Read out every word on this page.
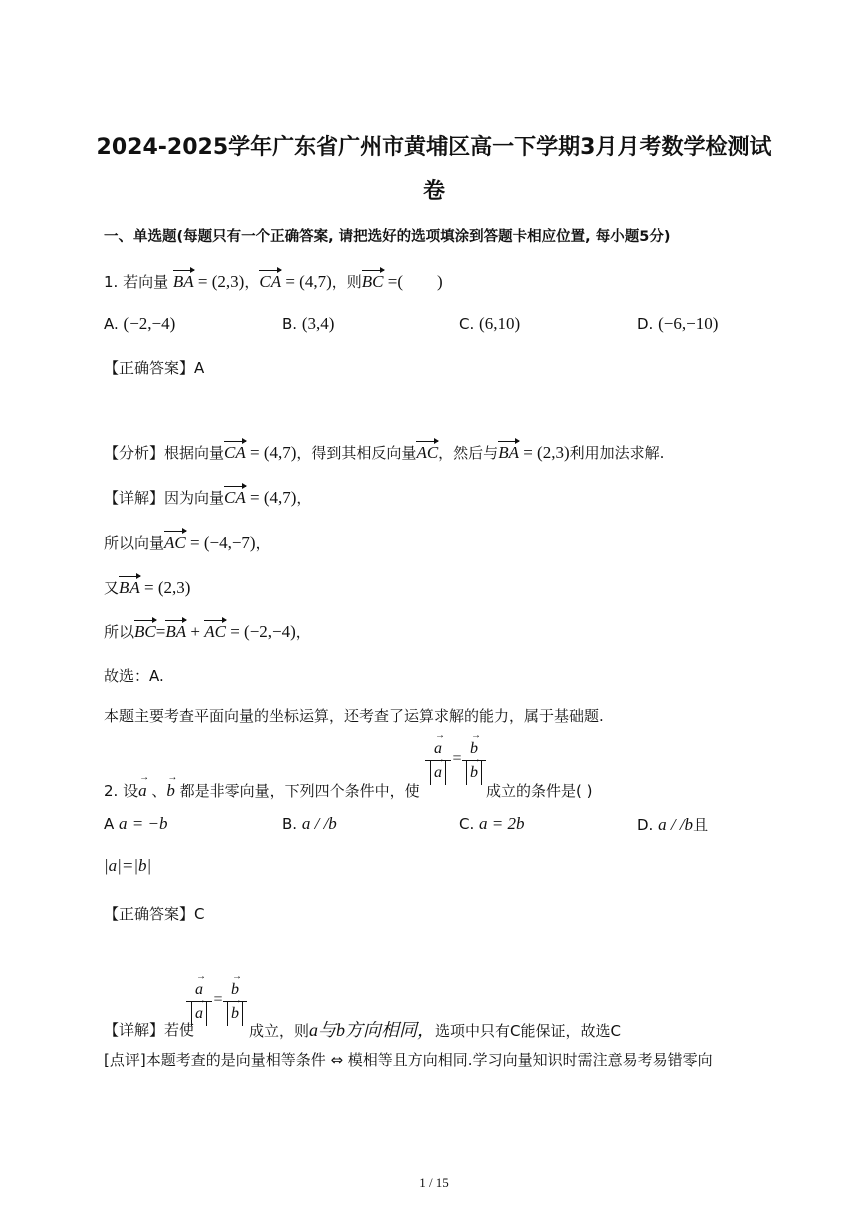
2024-2025学年广东省广州市黄埔区高一下学期3月月考数学检测试
卷
一、单选题(每题只有一个正确答案, 请把选好的选项填涂到答题卡相应位置, 每小题5分)
1. 若向量 BA = (2,3)，CA = (4,7)，则BC =(　　)
A. (−2,−4)	B. (3,4)	C. (6,10)	D. (−6,−10)
【正确答案】A
【分析】根据向量CA = (4,7)，得到其相反向量AC，然后与BA = (2,3)利用加法求解.
【详解】因为向量CA = (4,7)，
所以向量AC = (−4,−7)，
又BA = (2,3)
所以BC=BA + AC = (−2,−4)，
故选：A.
本题主要考查平面向量的坐标运算，还考查了运算求解的能力，属于基础题.
→ a
→ a
=
→ b
→ b
2. 设→ a 、→ b 都是非零向量，下列四个条件中，使	成立的条件是( )
A a = −b	B. a / /b	C. a = 2b	D. a / /b且
|a|=|b|
【正确答案】C
→ a
→ a
=
→ b
→ b
【详解】若使	成立，则a与b方向相同，选项中只有C能保证，故选C
[点评]本题考查的是向量相等条件 ⇔ 模相等且方向相同.学习向量知识时需注意易考易错零向
1 / 15
